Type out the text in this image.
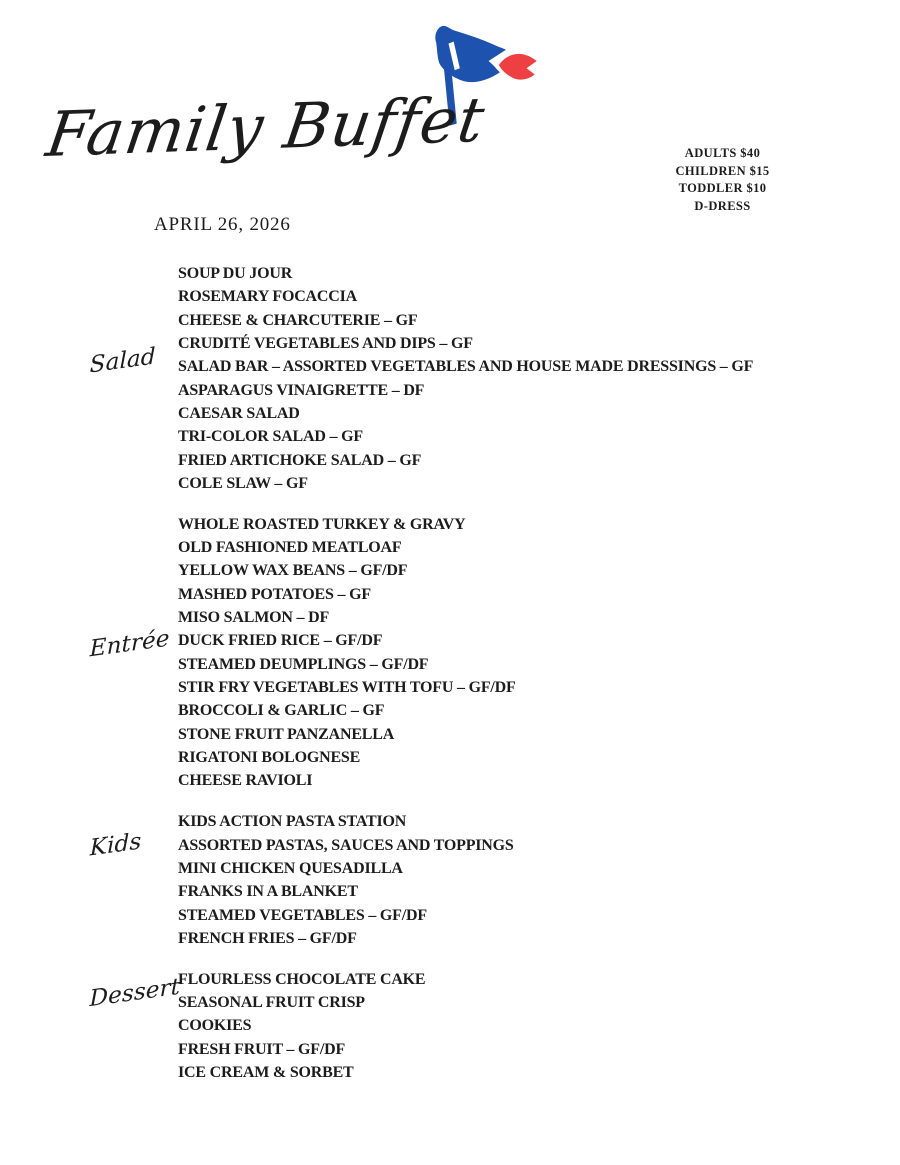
Family Buffet
APRIL 26, 2026
ADULTS $40
CHILDREN $15
TODDLER $10
D-DRESS
Salad
SOUP DU JOUR
ROSEMARY FOCACCIA
CHEESE & CHARCUTERIE – GF
CRUDITÉ VEGETABLES AND DIPS – GF
SALAD BAR – ASSORTED VEGETABLES AND HOUSE MADE DRESSINGS – GF
ASPARAGUS VINAIGRETTE – DF
CAESAR SALAD
TRI-COLOR SALAD – GF
FRIED ARTICHOKE SALAD – GF
COLE SLAW – GF
Entrée
WHOLE ROASTED TURKEY & GRAVY
OLD FASHIONED MEATLOAF
YELLOW WAX BEANS – GF/DF
MASHED POTATOES – GF
MISO SALMON – DF
DUCK FRIED RICE – GF/DF
STEAMED DEUMPLINGS – GF/DF
STIR FRY VEGETABLES WITH TOFU – GF/DF
BROCCOLI & GARLIC – GF
STONE FRUIT PANZANELLA
RIGATONI BOLOGNESE
CHEESE RAVIOLI
Kids
KIDS ACTION PASTA STATION
ASSORTED PASTAS, SAUCES AND TOPPINGS
MINI CHICKEN QUESADILLA
FRANKS IN A BLANKET
STEAMED VEGETABLES – GF/DF
FRENCH FRIES – GF/DF
Dessert
FLOURLESS CHOCOLATE CAKE
SEASONAL FRUIT CRISP
COOKIES
FRESH FRUIT – GF/DF
ICE CREAM & SORBET
